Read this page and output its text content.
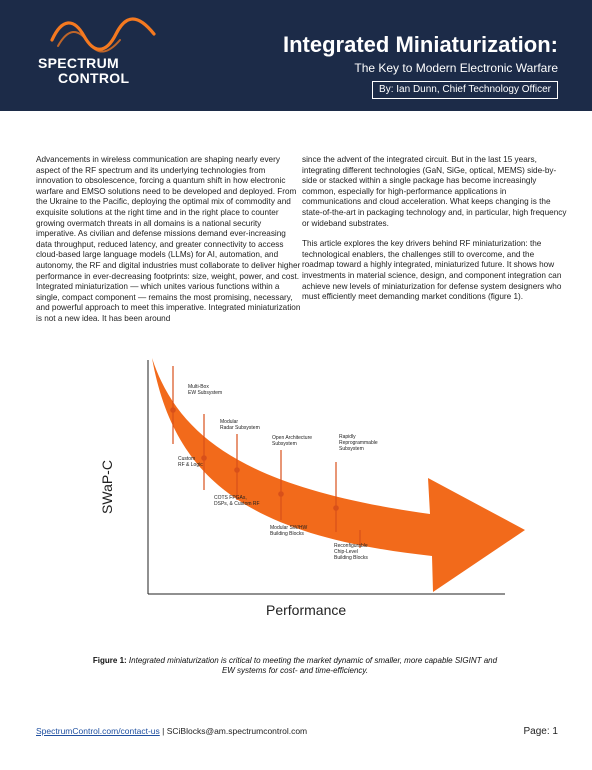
SPECTRUM
CONTROL
Integrated Miniaturization:
The Key to Modern Electronic Warfare
By: Ian Dunn, Chief Technology Officer

Advancements in wireless communication are shaping nearly every aspect of the RF spectrum and its underlying technologies from innovation to obsolescence, forcing a quantum shift in how electronic warfare and EMSO solutions need to be developed and deployed. From the Ukraine to the Pacific, deploying the optimal mix of commodity and exquisite solutions at the right time and in the right place to counter growing overmatch threats in all domains is a national security imperative. As civilian and defense missions demand ever-increasing data throughput, reduced latency, and greater connectivity to access cloud-based large language models (LLMs) for AI, automation, and autonomy, the RF and digital industries must collaborate to deliver higher performance in ever-decreasing footprints: size, weight, power, and cost. Integrated miniaturization — which unites various functions within a single, compact component — remains the most promising, necessary, and powerful approach to meet this imperative. Integrated miniaturization is not a new idea. It has been around

since the advent of the integrated circuit. But in the last 15 years, integrating different technologies (GaN, SiGe, optical, MEMS) side-by-side or stacked within a single package has become increasingly common, especially for high-performance applications in communications and cloud acceleration. What keeps changing is the state-of-the-art in packaging technology and, in particular, high frequency or wideband substrates.

This article explores the key drivers behind RF miniaturization: the technological enablers, the challenges still to overcome, and the roadmap toward a highly integrated, miniaturized future. It shows how investments in material science, design, and component integration can achieve new levels of miniaturization for defense system designers who must efficiently meet demanding market conditions (figure 1).

Multi-Box
EW Subsystem
Modular
Radar Subsystem
Open Architecture
Subsystem
Rapidly
Reprogrammable
Subsystem
Custom
RF & Logic
COTS FPGAs,
DSPs, & Custom RF
Modular SW/HW
Building Blocks
Reconfigurable
Chip-Level
Building Blocks
SWaP-C
Performance
Figure 1: Integrated miniaturization is critical to meeting the market dynamic of smaller, more capable SIGINT and EW systems for cost- and time-efficiency.
SpectrumControl.com/contact-us | SCiBlocks@am.spectrumcontrol.com	Page: 1
